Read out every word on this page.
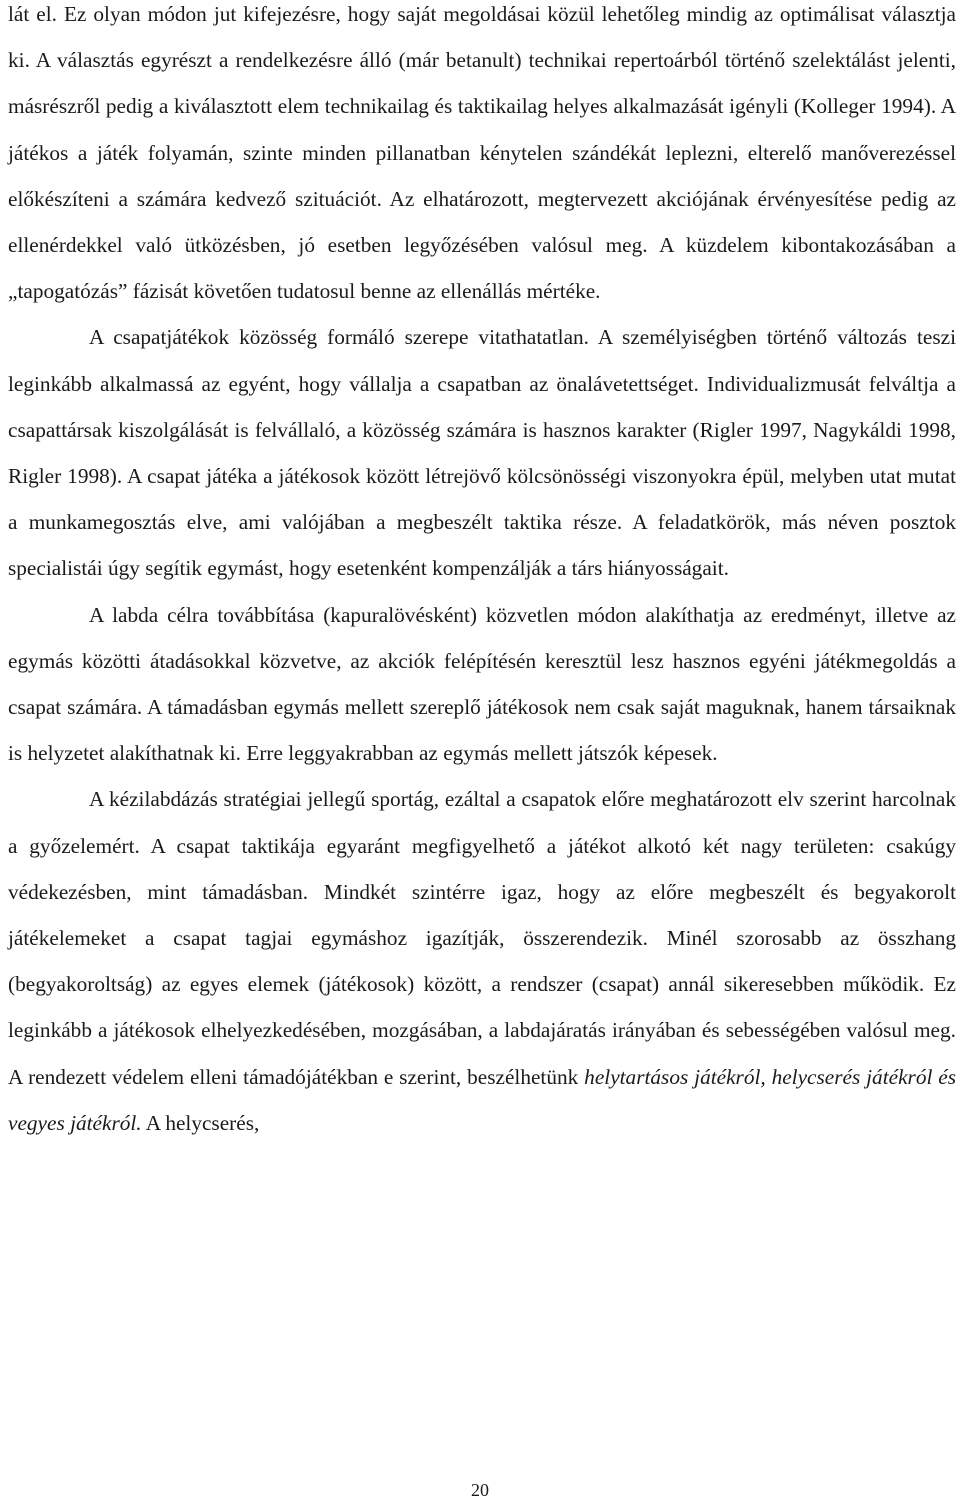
lát el. Ez olyan módon jut kifejezésre, hogy saját megoldásai közül lehetőleg mindig az optimálisat választja ki. A választás egyrészt a rendelkezésre álló (már betanult) technikai repertoárból történő szelektálást jelenti, másrészről pedig a kiválasztott elem technikailag és taktikailag helyes alkalmazását igényli (Kolleger 1994). A játékos a játék folyamán, szinte minden pillanatban kénytelen szándékát leplezni, elterelő manőverezéssel előkészíteni a számára kedvező szituációt. Az elhatározott, megtervezett akciójának érvényesítése pedig az ellenérdekkel való ütközésben, jó esetben legyőzésében valósul meg. A küzdelem kibontakozásában a „tapogatózás” fázisát követően tudatosul benne az ellenállás mértéke.

A csapatjátékok közösség formáló szerepe vitathatatlan. A személyiségben történő változás teszi leginkább alkalmassá az egyént, hogy vállalja a csapatban az önalávetettséget. Individualizmusát felváltja a csapattársak kiszolgálását is felvállaló, a közösség számára is hasznos karakter (Rigler 1997, Nagykáldi 1998, Rigler 1998). A csapat játéka a játékosok között létrejövő kölcsönösségi viszonyokra épül, melyben utat mutat a munkamegosztás elve, ami valójában a megbeszélt taktika része. A feladatkörök, más néven posztok specialistái úgy segítik egymást, hogy esetenként kompenzálják a társ hiányosságait.

A labda célra továbbítása (kapuralövésként) közvetlen módon alakíthatja az eredményt, illetve az egymás közötti átadásokkal közvetve, az akciók felépítésén keresztül lesz hasznos egyéni játékmegoldás a csapat számára. A támadásban egymás mellett szereplő játékosok nem csak saját maguknak, hanem társaiknak is helyzetet alakíthatnak ki. Erre leggyakrabban az egymás mellett játszók képesek.

A kézilabdázás stratégiai jellegű sportág, ezáltal a csapatok előre meghatározott elv szerint harcolnak a győzelemért. A csapat taktikája egyaránt megfigyelhető a játékot alkotó két nagy területen: csakúgy védekezésben, mint támadásban. Mindkét szintérre igaz, hogy az előre megbeszélt és begyakorolt játékelemeket a csapat tagjai egymáshoz igazítják, összerendezik. Minél szorosabb az összhang (begyakoroltság) az egyes elemek (játékosok) között, a rendszer (csapat) annál sikeresebben működik. Ez leginkább a játékosok elhelyezkedésében, mozgásában, a labdajáratás irányában és sebességében valósul meg. A rendezett védelem elleni támadójátékban e szerint, beszélhetünk helytartásos játékról, helycserés játékról és vegyes játékról. A helycserés,

20
